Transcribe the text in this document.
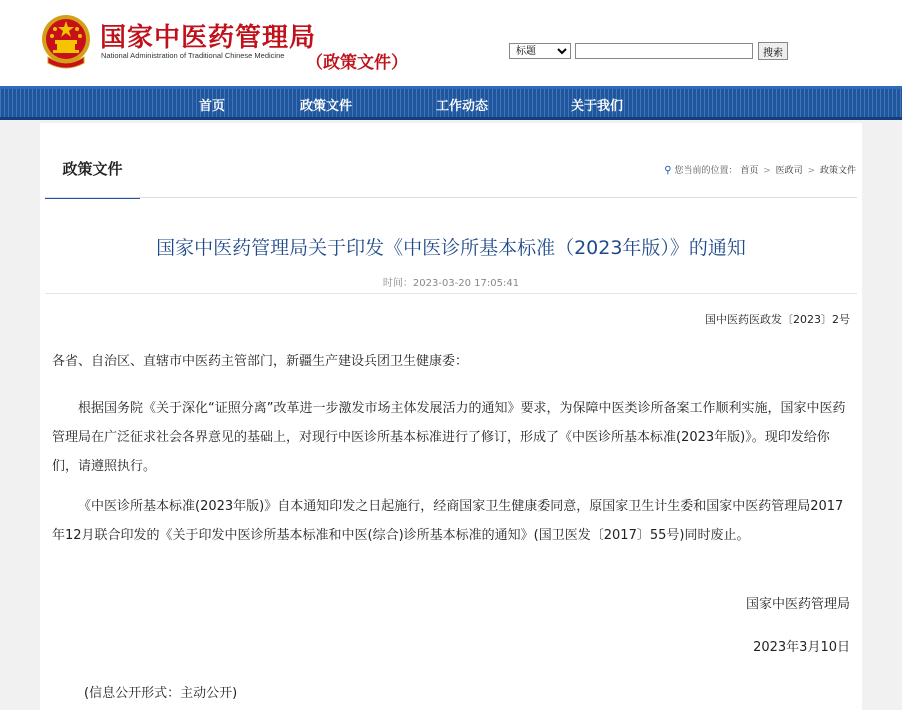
国家中医药管理局
National Administration of Traditional Chinese Medicine （政策文件）
标题	搜索
首页	政策文件	工作动态	关于我们
政策文件	⚲ 您当前的位置： 首页 > 医政司 > 政策文件
国家中医药管理局关于印发《中医诊所基本标准（2023年版）》的通知
时间：2023-03-20 17:05:41
国中医药医政发〔2023〕2号
各省、自治区、直辖市中医药主管部门，新疆生产建设兵团卫生健康委：
根据国务院《关于深化“证照分离”改革进一步激发市场主体发展活力的通知》要求，为保障中医类诊所备案工作顺利实施，国家中医药管理局在广泛征求社会各界意见的基础上，对现行中医诊所基本标准进行了修订，形成了《中医诊所基本标准(2023年版)》。现印发给你们，请遵照执行。
《中医诊所基本标准(2023年版)》自本通知印发之日起施行，经商国家卫生健康委同意，原国家卫生计生委和国家中医药管理局2017年12月联合印发的《关于印发中医诊所基本标准和中医(综合)诊所基本标准的通知》(国卫医发〔2017〕55号)同时废止。
国家中医药管理局
2023年3月10日
(信息公开形式：主动公开)
